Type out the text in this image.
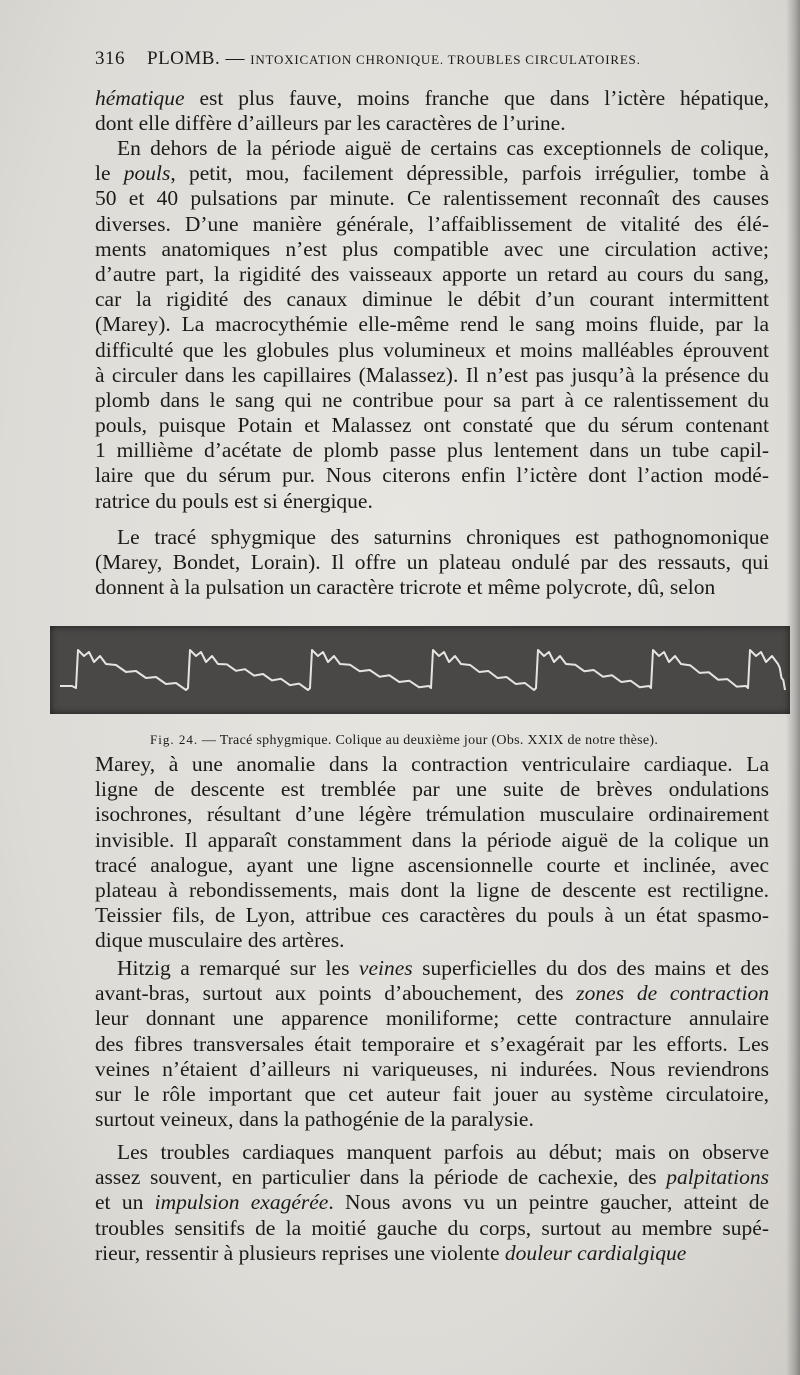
316 PLOMB. — INTOXICATION CHRONIQUE. TROUBLES CIRCULATOIRES.
hématique est plus fauve, moins franche que dans l’ictère hépatique,
dont elle diffère d’ailleurs par les caractères de l’urine.
En dehors de la période aiguë de certains cas exceptionnels de colique,
le pouls, petit, mou, facilement dépressible, parfois irrégulier, tombe à
50 et 40 pulsations par minute. Ce ralentissement reconnaît des causes
diverses. D’une manière générale, l’affaiblissement de vitalité des élé-
ments anatomiques n’est plus compatible avec une circulation active;
d’autre part, la rigidité des vaisseaux apporte un retard au cours du sang,
car la rigidité des canaux diminue le débit d’un courant intermittent
(Marey). La macrocythémie elle-même rend le sang moins fluide, par la
difficulté que les globules plus volumineux et moins malléables éprouvent
à circuler dans les capillaires (Malassez). Il n’est pas jusqu’à la présence du
plomb dans le sang qui ne contribue pour sa part à ce ralentissement du
pouls, puisque Potain et Malassez ont constaté que du sérum contenant
1 millième d’acétate de plomb passe plus lentement dans un tube capil-
laire que du sérum pur. Nous citerons enfin l’ictère dont l’action modé-
ratrice du pouls est si énergique.
Le tracé sphygmique des saturnins chroniques est pathognomonique
(Marey, Bondet, Lorain). Il offre un plateau ondulé par des ressauts, qui
donnent à la pulsation un caractère tricrote et même polycrote, dû, selon
Fig. 24. — Tracé sphygmique. Colique au deuxième jour (Obs. XXIX de notre thèse).
Marey, à une anomalie dans la contraction ventriculaire cardiaque. La
ligne de descente est tremblée par une suite de brèves ondulations
isochrones, résultant d’une légère trémulation musculaire ordinairement
invisible. Il apparaît constamment dans la période aiguë de la colique un
tracé analogue, ayant une ligne ascensionnelle courte et inclinée, avec
plateau à rebondissements, mais dont la ligne de descente est rectiligne.
Teissier fils, de Lyon, attribue ces caractères du pouls à un état spasmo-
dique musculaire des artères.
Hitzig a remarqué sur les veines superficielles du dos des mains et des
avant-bras, surtout aux points d’abouchement, des zones de contraction
leur donnant une apparence moniliforme; cette contracture annulaire
des fibres transversales était temporaire et s’exagérait par les efforts. Les
veines n’étaient d’ailleurs ni variqueuses, ni indurées. Nous reviendrons
sur le rôle important que cet auteur fait jouer au système circulatoire,
surtout veineux, dans la pathogénie de la paralysie.
Les troubles cardiaques manquent parfois au début; mais on observe
assez souvent, en particulier dans la période de cachexie, des palpitations
et un impulsion exagérée. Nous avons vu un peintre gaucher, atteint de
troubles sensitifs de la moitié gauche du corps, surtout au membre supé-
rieur, ressentir à plusieurs reprises une violente douleur cardialgique
